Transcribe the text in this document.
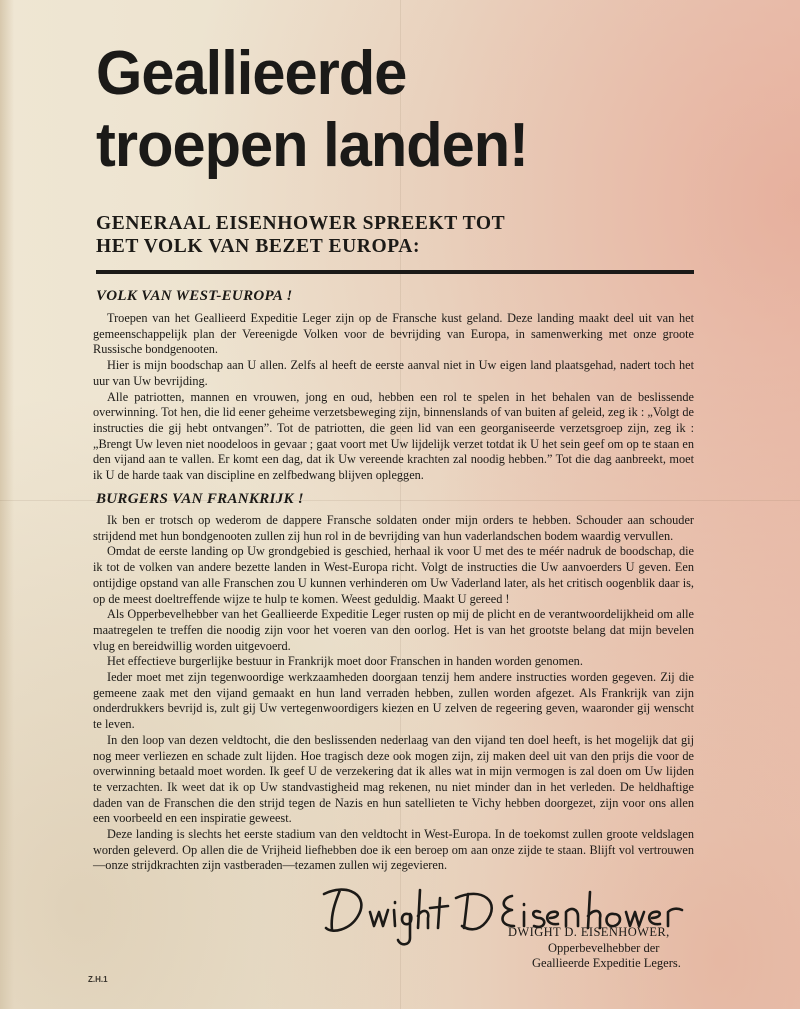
Geallieerde
troepen landen!
GENERAAL EISENHOWER SPREEKT TOT
HET VOLK VAN BEZET EUROPA:
VOLK VAN WEST-EUROPA !

Troepen van het Geallieerd Expeditie Leger zijn op de Fransche kust geland. Deze landing maakt deel uit van het gemeenschappelijk plan der Vereenigde Volken voor de bevrijding van Europa, in samenwerking met onze groote Russische bondgenooten.

Hier is mijn boodschap aan U allen. Zelfs al heeft de eerste aanval niet in Uw eigen land plaatsgehad, nadert toch het uur van Uw bevrijding.

Alle patriotten, mannen en vrouwen, jong en oud, hebben een rol te spelen in het behalen van de beslissende overwinning. Tot hen, die lid eener geheime verzetsbeweging zijn, binnenslands of van buiten af geleid, zeg ik : „Volgt de instructies die gij hebt ontvangen”. Tot de patriotten, die geen lid van een georganiseerde verzetsgroep zijn, zeg ik : „Brengt Uw leven niet noodeloos in gevaar ; gaat voort met Uw lijdelijk verzet totdat ik U het sein geef om op te staan en den vijand aan te vallen. Er komt een dag, dat ik Uw vereende krachten zal noodig hebben.” Tot die dag aanbreekt, moet ik U de harde taak van discipline en zelfbedwang blijven opleggen.

BURGERS VAN FRANKRIJK !

Ik ben er trotsch op wederom de dappere Fransche soldaten onder mijn orders te hebben. Schouder aan schouder strijdend met hun bondgenooten zullen zij hun rol in de bevrijding van hun vaderlandschen bodem waardig vervullen.

Omdat de eerste landing op Uw grondgebied is geschied, herhaal ik voor U met des te méér nadruk de boodschap, die ik tot de volken van andere bezette landen in West-Europa richt. Volgt de instructies die Uw aanvoerders U geven. Een ontijdige opstand van alle Franschen zou U kunnen verhinderen om Uw Vaderland later, als het critisch oogenblik daar is, op de meest doeltreffende wijze te hulp te komen. Weest geduldig. Maakt U gereed !

Als Opperbevelhebber van het Geallieerde Expeditie Leger rusten op mij de plicht en de verantwoordelijkheid om alle maatregelen te treffen die noodig zijn voor het voeren van den oorlog. Het is van het grootste belang dat mijn bevelen vlug en bereidwillig worden uitgevoerd.

Het effectieve burgerlijke bestuur in Frankrijk moet door Franschen in handen worden genomen.

Ieder moet met zijn tegenwoordige werkzaamheden doorgaan tenzij hem andere instructies worden gegeven. Zij die gemeene zaak met den vijand gemaakt en hun land verraden hebben, zullen worden afgezet. Als Frankrijk van zijn onderdrukkers bevrijd is, zult gij Uw vertegenwoordigers kiezen en U zelven de regeering geven, waaronder gij wenscht te leven.

In den loop van dezen veldtocht, die den beslissenden nederlaag van den vijand ten doel heeft, is het mogelijk dat gij nog meer verliezen en schade zult lijden. Hoe tragisch deze ook mogen zijn, zij maken deel uit van den prijs die voor de overwinning betaald moet worden. Ik geef U de verzekering dat ik alles wat in mijn vermogen is zal doen om Uw lijden te verzachten. Ik weet dat ik op Uw standvastigheid mag rekenen, nu niet minder dan in het verleden. De heldhaftige daden van de Franschen die den strijd tegen de Nazis en hun satellieten te Vichy hebben doorgezet, zijn voor ons allen een voorbeeld en een inspiratie geweest.

Deze landing is slechts het eerste stadium van den veldtocht in West-Europa. In de toekomst zullen groote veldslagen worden geleverd. Op allen die de Vrijheid liefhebben doe ik een beroep om aan onze zijde te staan. Blijft vol vertrouwen—onze strijdkrachten zijn vastberaden—tezamen zullen wij zegevieren.

DWIGHT D. EISENHOWER,

Opperbevelhebber der

Geallieerde Expeditie Legers.

Z.H.1
